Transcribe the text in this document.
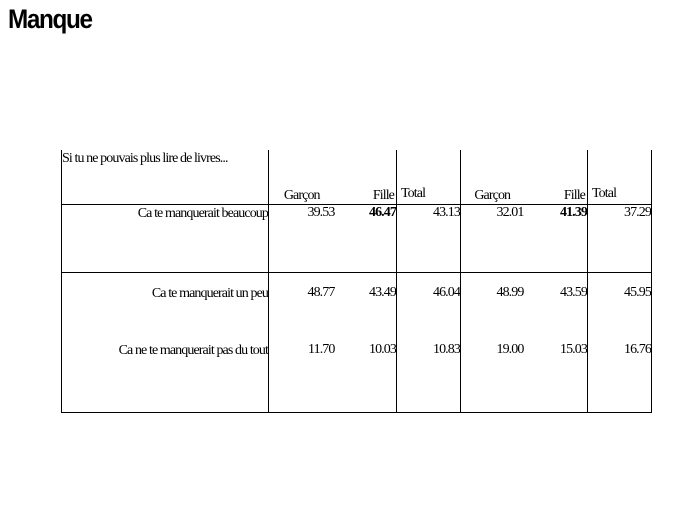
Manque
Si tu ne pouvais plus lire de livres...	Garçon	Fille	Total	Garçon	Fille	Total
Ca te manquerait beaucoup	39.53	46.47	43.13	32.01	41.39	37.29
Ca te manquerait un peu	48.77	43.49	46.04	48.99	43.59	45.95
Ca ne te manquerait pas du tout	11.70	10.03	10.83	19.00	15.03	16.76
